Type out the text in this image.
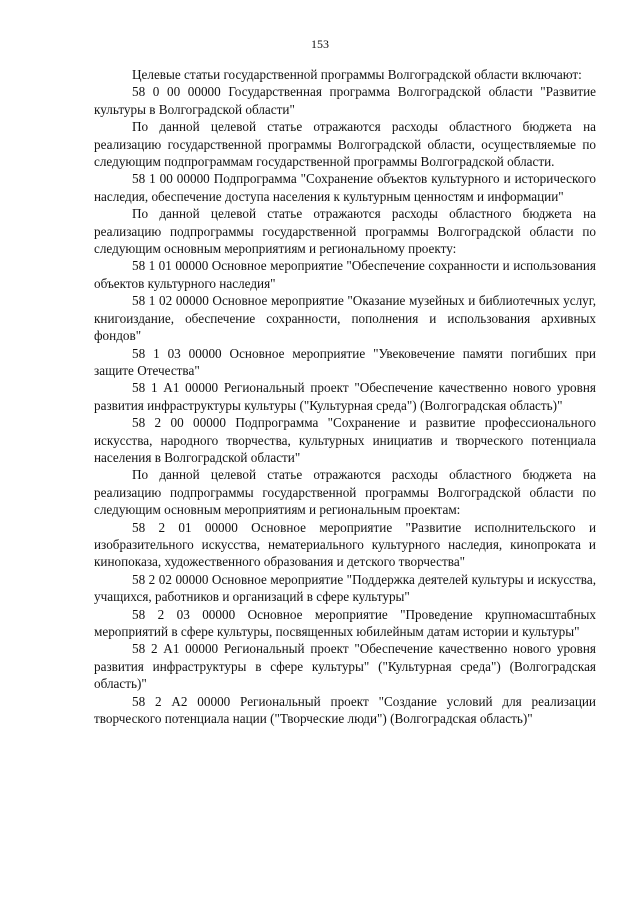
153

Целевые статьи государственной программы Волгоградской области включают:

58 0 00 00000 Государственная программа Волгоградской области "Развитие культуры в Волгоградской области"

По данной целевой статье отражаются расходы областного бюджета на реализацию государственной программы Волгоградской области, осуществляемые по следующим подпрограммам государственной программы Волгоградской области.

58 1 00 00000 Подпрограмма "Сохранение объектов культурного и исторического наследия, обеспечение доступа населения к культурным ценностям и информации"

По данной целевой статье отражаются расходы областного бюджета на реализацию подпрограммы государственной программы Волгоградской области по следующим основным мероприятиям и региональному проекту:

58 1 01 00000 Основное мероприятие "Обеспечение сохранности и использования объектов культурного наследия"

58 1 02 00000 Основное мероприятие "Оказание музейных и библиотечных услуг, книгоиздание, обеспечение сохранности, пополнения и использования архивных фондов"

58 1 03 00000 Основное мероприятие "Увековечение памяти погибших при защите Отечества"

58 1 А1 00000 Региональный проект "Обеспечение качественно нового уровня развития инфраструктуры культуры ("Культурная среда") (Волгоградская область)"

58 2 00 00000 Подпрограмма "Сохранение и развитие профессионального искусства, народного творчества, культурных инициатив и творческого потенциала населения в Волгоградской области"

По данной целевой статье отражаются расходы областного бюджета на реализацию подпрограммы государственной программы Волгоградской области по следующим основным мероприятиям и региональным проектам:

58 2 01 00000 Основное мероприятие "Развитие исполнительского и изобразительного искусства, нематериального культурного наследия, кинопроката и кинопоказа, художественного образования и детского творчества"

58 2 02 00000 Основное мероприятие "Поддержка деятелей культуры и искусства, учащихся, работников и организаций в сфере культуры"

58 2 03 00000 Основное мероприятие "Проведение крупномасштабных мероприятий в сфере культуры, посвященных юбилейным датам истории и культуры"

58 2 А1 00000 Региональный проект "Обеспечение качественно нового уровня развития инфраструктуры в сфере культуры" ("Культурная среда") (Волгоградская область)"

58 2 А2 00000 Региональный проект "Создание условий для реализации творческого потенциала нации ("Творческие люди") (Волгоградская область)"
